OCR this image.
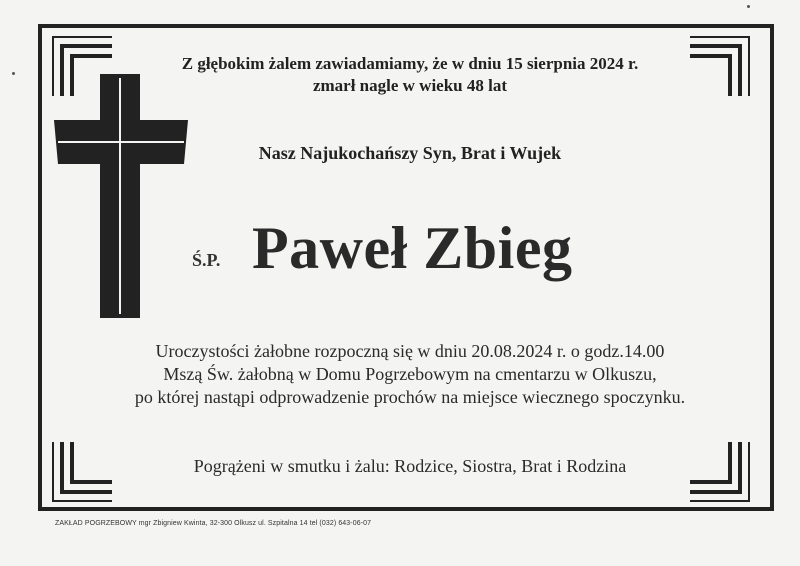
Z głębokim żalem zawiadamiamy, że w dniu 15 sierpnia 2024 r.
zmarł nagle w wieku 48 lat
Nasz Najukochańszy Syn, Brat i Wujek
Ś.P. Paweł Zbieg
Uroczystości żałobne rozpoczną się w dniu 20.08.2024 r. o godz.14.00
Mszą Św. żałobną w Domu Pogrzebowym na cmentarzu w Olkuszu,
po której nastąpi odprowadzenie prochów na miejsce wiecznego spoczynku.
Pogrążeni w smutku i żalu: Rodzice, Siostra, Brat i Rodzina
ZAKŁAD POGRZEBOWY mgr Zbigniew Kwinta, 32-300 Olkusz ul. Szpitalna 14 tel (032) 643-06-07
